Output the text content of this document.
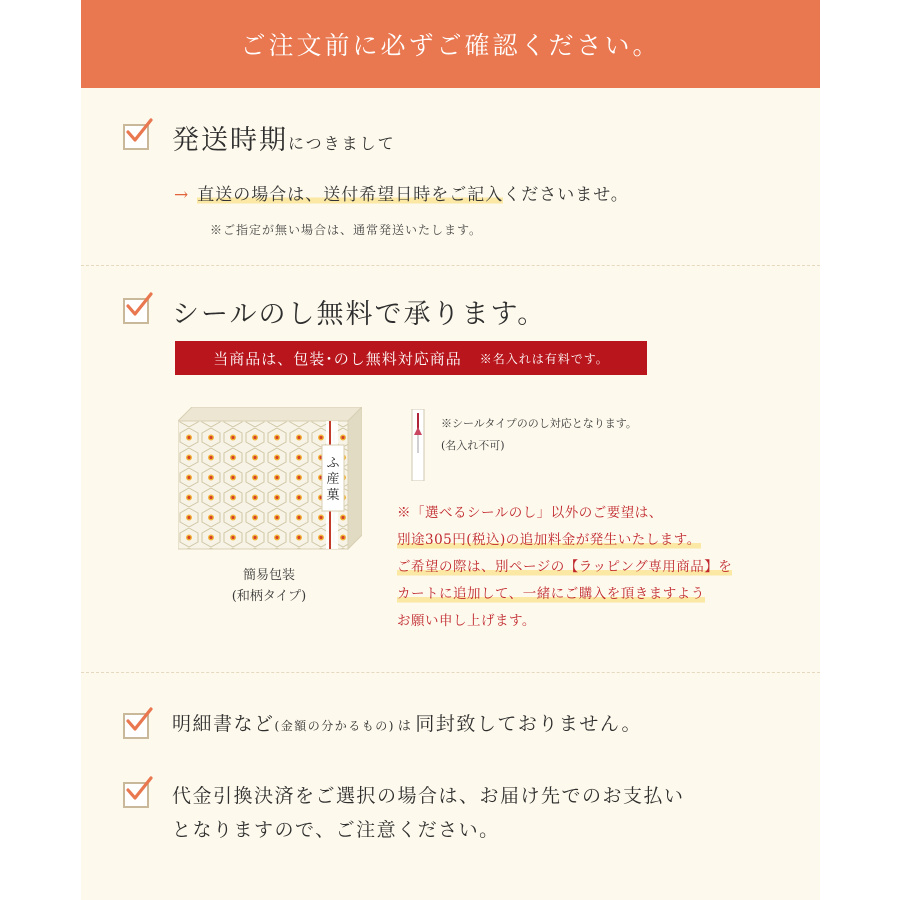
ご注文前に必ずご確認ください。
発送時期につきまして
→ 直送の場合は、送付希望日時をご記入くださいませ。
※ご指定が無い場合は、通常発送いたします。
シールのし無料で承ります。
当商品は、包装･のし無料対応商品 ※名入れは有料です。
ふ
産
菓
簡易包装
(和柄タイプ)
※シールタイプののし対応となります。
(名入れ不可)
※「選べるシールのし」以外のご要望は、
別途305円(税込)の追加料金が発生いたします。
ご希望の際は、別ページの【ラッピング専用商品】を
カートに追加して、一緒にご購入を頂きますよう
お願い申し上げます。
明細書など(金額の分かるもの) は 同封致しておりません。
代金引換決済をご選択の場合は、お届け先でのお支払い
となりますので、ご注意ください。
